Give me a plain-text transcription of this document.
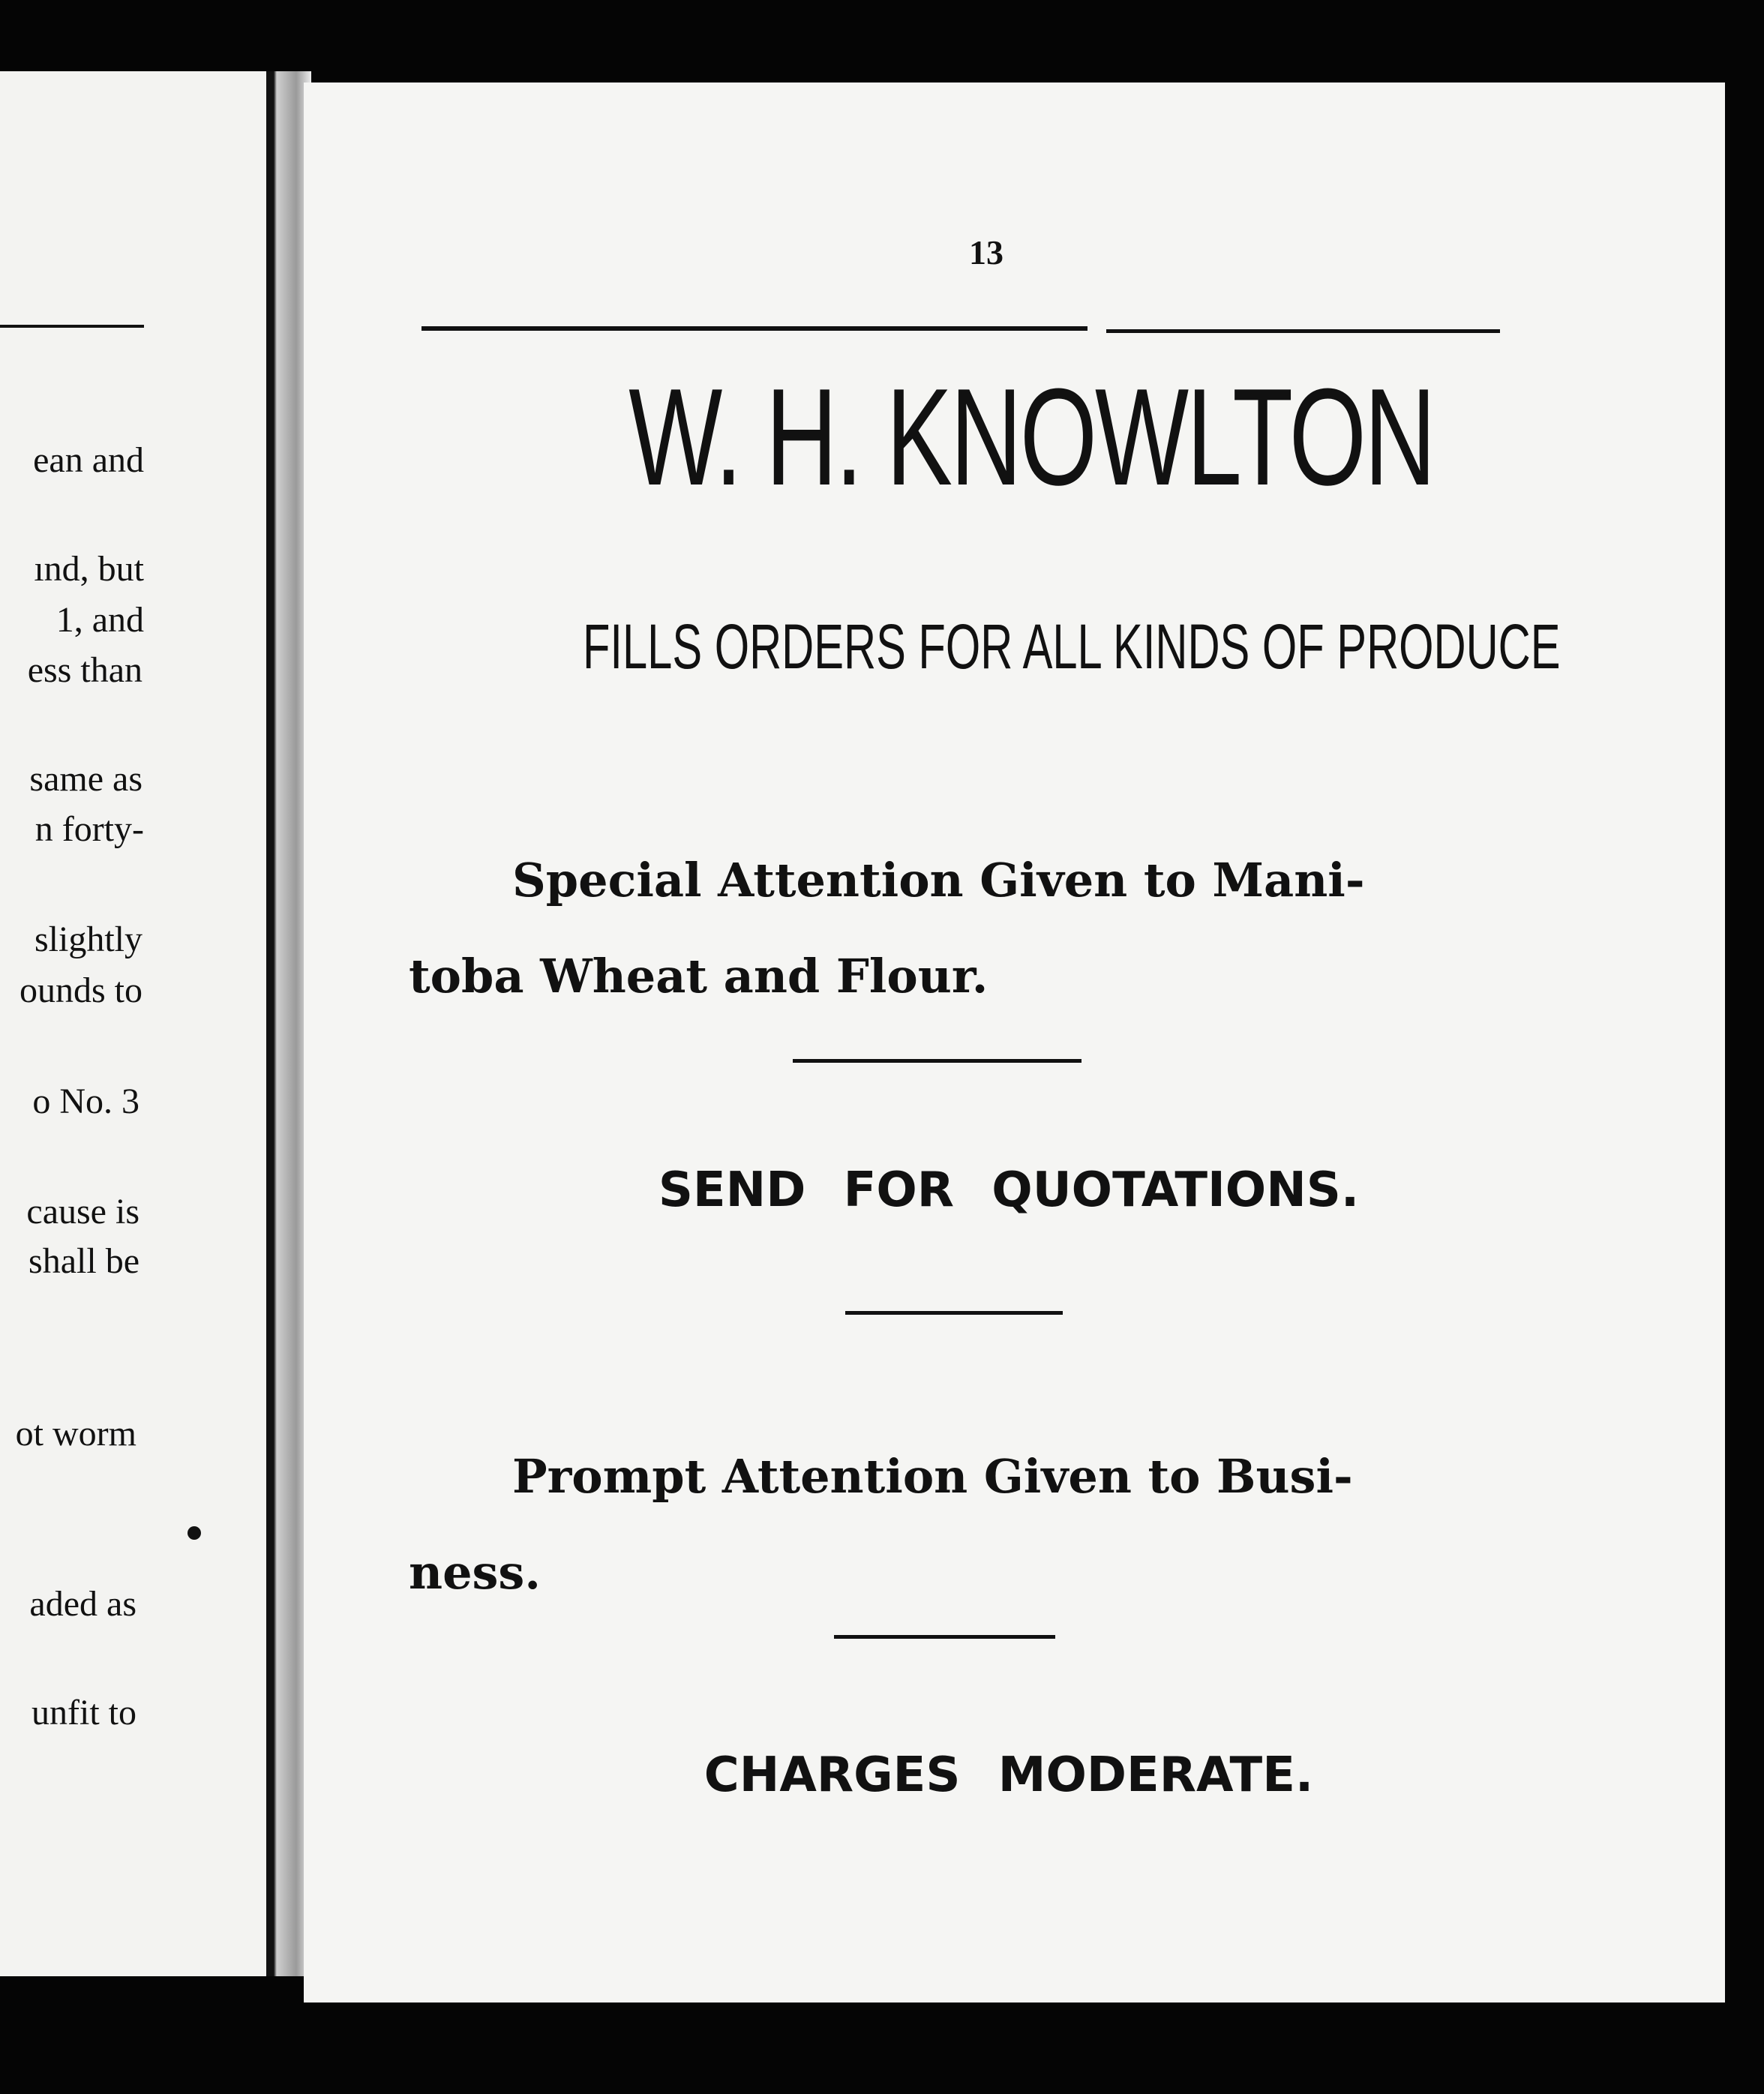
ean and
ınd, but
1, and
ess than
same as
n forty-
slightly
ounds to
o No. 3
cause is
shall be
ot worm
aded as
unfit to
13
W. H. KNOWLTON
FILLS ORDERS FOR ALL KINDS OF PRODUCE
Special Attention Given to Mani-
toba Wheat and Flour.
SEND FOR QUOTATIONS.
Prompt Attention Given to Busi-
ness.
CHARGES MODERATE.
